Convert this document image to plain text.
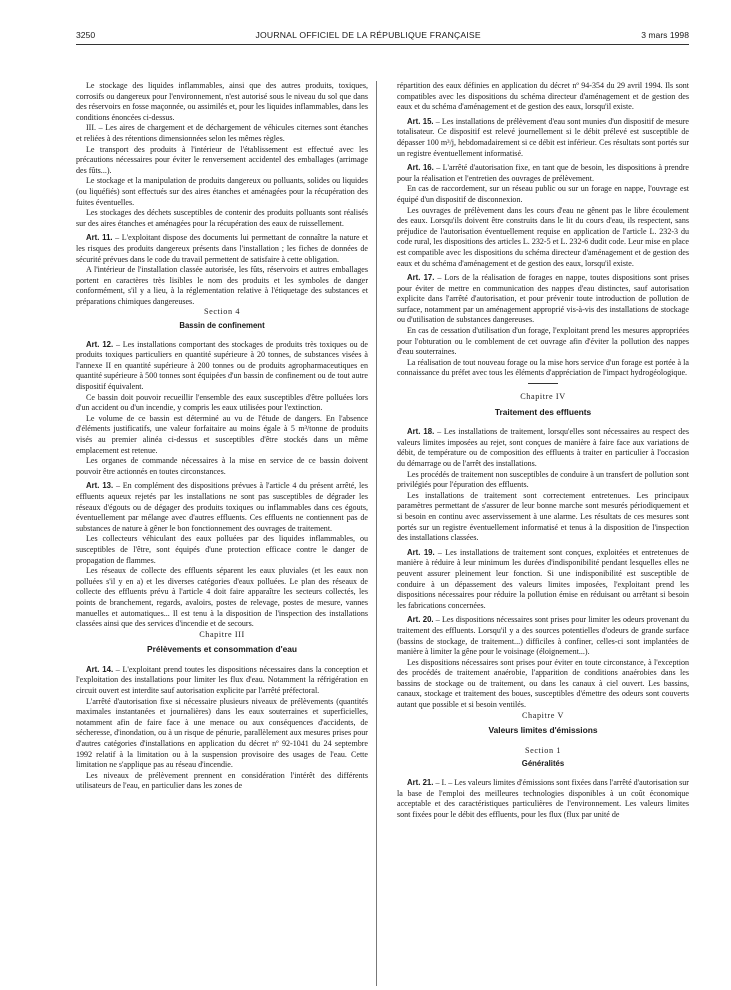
3250	JOURNAL OFFICIEL DE LA RÉPUBLIQUE FRANÇAISE	3 mars 1998

Le stockage des liquides inflammables, ainsi que des autres produits, toxiques, corrosifs ou dangereux pour l'environnement, n'est autorisé sous le niveau du sol que dans des réservoirs en fosse maçonnée, ou assimilés et, pour les liquides inflammables, dans les conditions énoncées ci-dessus.

III. – Les aires de chargement et de déchargement de véhicules citernes sont étanches et reliées à des rétentions dimensionnées selon les mêmes règles.

Le transport des produits à l'intérieur de l'établissement est effectué avec les précautions nécessaires pour éviter le renversement accidentel des emballages (arrimage des fûts...).

Le stockage et la manipulation de produits dangereux ou polluants, solides ou liquides (ou liquéfiés) sont effectués sur des aires étanches et aménagées pour la récupération des fuites éventuelles.

Les stockages des déchets susceptibles de contenir des produits polluants sont réalisés sur des aires étanches et aménagées pour la récupération des eaux de ruissellement.

Art. 11. – L'exploitant dispose des documents lui permettant de connaître la nature et les risques des produits dangereux présents dans l'installation ; les fiches de données de sécurité prévues dans le code du travail permettent de satisfaire à cette obligation.

A l'intérieur de l'installation classée autorisée, les fûts, réservoirs et autres emballages portent en caractères très lisibles le nom des produits et les symboles de danger conformément, s'il y a lieu, à la réglementation relative à l'étiquetage des substances et préparations chimiques dangereuses.

Section 4

Bassin de confinement

Art. 12. – Les installations comportant des stockages de produits très toxiques ou de produits toxiques particuliers en quantité supérieure à 20 tonnes, de substances visées à l'annexe II en quantité supérieure à 200 tonnes ou de produits agropharmaceutiques en quantité supérieure à 500 tonnes sont équipées d'un bassin de confinement ou de tout autre dispositif équivalent.

Ce bassin doit pouvoir recueillir l'ensemble des eaux susceptibles d'être polluées lors d'un accident ou d'un incendie, y compris les eaux utilisées pour l'extinction.

Le volume de ce bassin est déterminé au vu de l'étude de dangers. En l'absence d'éléments justificatifs, une valeur forfaitaire au moins égale à 5 m³/tonne de produits visés au premier alinéa ci-dessus et susceptibles d'être stockés dans un même emplacement est retenue.

Les organes de commande nécessaires à la mise en service de ce bassin doivent pouvoir être actionnés en toutes circonstances.

Art. 13. – En complément des dispositions prévues à l'article 4 du présent arrêté, les effluents aqueux rejetés par les installations ne sont pas susceptibles de dégrader les réseaux d'égouts ou de dégager des produits toxiques ou inflammables dans ces égouts, éventuellement par mélange avec d'autres effluents. Ces effluents ne contiennent pas de substances de nature à gêner le bon fonctionnement des ouvrages de traitement.

Les collecteurs véhiculant des eaux polluées par des liquides inflammables, ou susceptibles de l'être, sont équipés d'une protection efficace contre le danger de propagation de flammes.

Les réseaux de collecte des effluents séparent les eaux pluviales (et les eaux non polluées s'il y en a) et les diverses catégories d'eaux polluées. Le plan des réseaux de collecte des effluents prévu à l'article 4 doit faire apparaître les secteurs collectés, les points de branchement, regards, avaloirs, postes de relevage, postes de mesure, vannes manuelles et automatiques... Il est tenu à la disposition de l'inspection des installations classées ainsi que des services d'incendie et de secours.

Chapitre III

Prélèvements et consommation d'eau

Art. 14. – L'exploitant prend toutes les dispositions nécessaires dans la conception et l'exploitation des installations pour limiter les flux d'eau. Notamment la réfrigération en circuit ouvert est interdite sauf autorisation explicite par l'arrêté préfectoral.

L'arrêté d'autorisation fixe si nécessaire plusieurs niveaux de prélèvements (quantités maximales instantanées et journalières) dans les eaux souterraines et superficielles, notamment afin de faire face à une menace ou aux conséquences d'accidents, de sécheresse, d'inondation, ou à un risque de pénurie, parallèlement aux mesures prises pour d'autres catégories d'installations en application du décret nº 92-1041 du 24 septembre 1992 relatif à la limitation ou à la suspension provisoire des usages de l'eau. Cette limitation ne s'applique pas au réseau d'incendie.

Les niveaux de prélèvement prennent en considération l'intérêt des différents utilisateurs de l'eau, en particulier dans les zones de

répartition des eaux définies en application du décret nº 94-354 du 29 avril 1994. Ils sont compatibles avec les dispositions du schéma directeur d'aménagement et de gestion des eaux et du schéma d'aménagement et de gestion des eaux, lorsqu'il existe.

Art. 15. – Les installations de prélèvement d'eau sont munies d'un dispositif de mesure totalisateur. Ce dispositif est relevé journellement si le débit prélevé est susceptible de dépasser 100 m³/j, hebdomadairement si ce débit est inférieur. Ces résultats sont portés sur un registre éventuellement informatisé.

Art. 16. – L'arrêté d'autorisation fixe, en tant que de besoin, les dispositions à prendre pour la réalisation et l'entretien des ouvrages de prélèvement.

En cas de raccordement, sur un réseau public ou sur un forage en nappe, l'ouvrage est équipé d'un dispositif de disconnexion.

Les ouvrages de prélèvement dans les cours d'eau ne gênent pas le libre écoulement des eaux. Lorsqu'ils doivent être construits dans le lit du cours d'eau, ils respectent, sans préjudice de l'autorisation éventuellement requise en application de l'article L. 232-3 du code rural, les dispositions des articles L. 232-5 et L. 232-6 dudit code. Leur mise en place est compatible avec les dispositions du schéma directeur d'aménagement et de gestion des eaux et du schéma d'aménagement et de gestion des eaux, lorsqu'il existe.

Art. 17. – Lors de la réalisation de forages en nappe, toutes dispositions sont prises pour éviter de mettre en communication des nappes d'eau distinctes, sauf autorisation explicite dans l'arrêté d'autorisation, et pour prévenir toute introduction de pollution de surface, notamment par un aménagement approprié vis-à-vis des installations de stockage ou d'utilisation de substances dangereuses.

En cas de cessation d'utilisation d'un forage, l'exploitant prend les mesures appropriées pour l'obturation ou le comblement de cet ouvrage afin d'éviter la pollution des nappes d'eau souterraines.

La réalisation de tout nouveau forage ou la mise hors service d'un forage est portée à la connaissance du préfet avec tous les éléments d'appréciation de l'impact hydrogéologique.

Chapitre IV

Traitement des effluents

Art. 18. – Les installations de traitement, lorsqu'elles sont nécessaires au respect des valeurs limites imposées au rejet, sont conçues de manière à faire face aux variations de débit, de température ou de composition des effluents à traiter en particulier à l'occasion du démarrage ou de l'arrêt des installations.

Les procédés de traitement non susceptibles de conduire à un transfert de pollution sont privilégiés pour l'épuration des effluents.

Les installations de traitement sont correctement entretenues. Les principaux paramètres permettant de s'assurer de leur bonne marche sont mesurés périodiquement et si besoin en continu avec asservissement à une alarme. Les résultats de ces mesures sont portés sur un registre éventuellement informatisé et tenus à la disposition de l'inspection des installations classées.

Art. 19. – Les installations de traitement sont conçues, exploitées et entretenues de manière à réduire à leur minimum les durées d'indisponibilité pendant lesquelles elles ne peuvent assurer pleinement leur fonction. Si une indisponibilité est susceptible de conduire à un dépassement des valeurs limites imposées, l'exploitant prend les dispositions nécessaires pour réduire la pollution émise en réduisant ou arrêtant si besoin les fabrications concernées.

Art. 20. – Les dispositions nécessaires sont prises pour limiter les odeurs provenant du traitement des effluents. Lorsqu'il y a des sources potentielles d'odeurs de grande surface (bassins de stockage, de traitement...) difficiles à confiner, celles-ci sont implantées de manière à limiter la gêne pour le voisinage (éloignement...).

Les dispositions nécessaires sont prises pour éviter en toute circonstance, à l'exception des procédés de traitement anaérobie, l'apparition de conditions anaérobies dans les bassins de stockage ou de traitement, ou dans les canaux à ciel ouvert. Les bassins, canaux, stockage et traitement des boues, susceptibles d'émettre des odeurs sont couverts autant que possible et si besoin ventilés.

Chapitre V

Valeurs limites d'émissions

Section 1

Généralités

Art. 21. – I. – Les valeurs limites d'émissions sont fixées dans l'arrêté d'autorisation sur la base de l'emploi des meilleures technologies disponibles à un coût économique acceptable et des caractéristiques particulières de l'environnement. Les valeurs limites sont fixées pour le débit des effluents, pour les flux (flux par unité de
